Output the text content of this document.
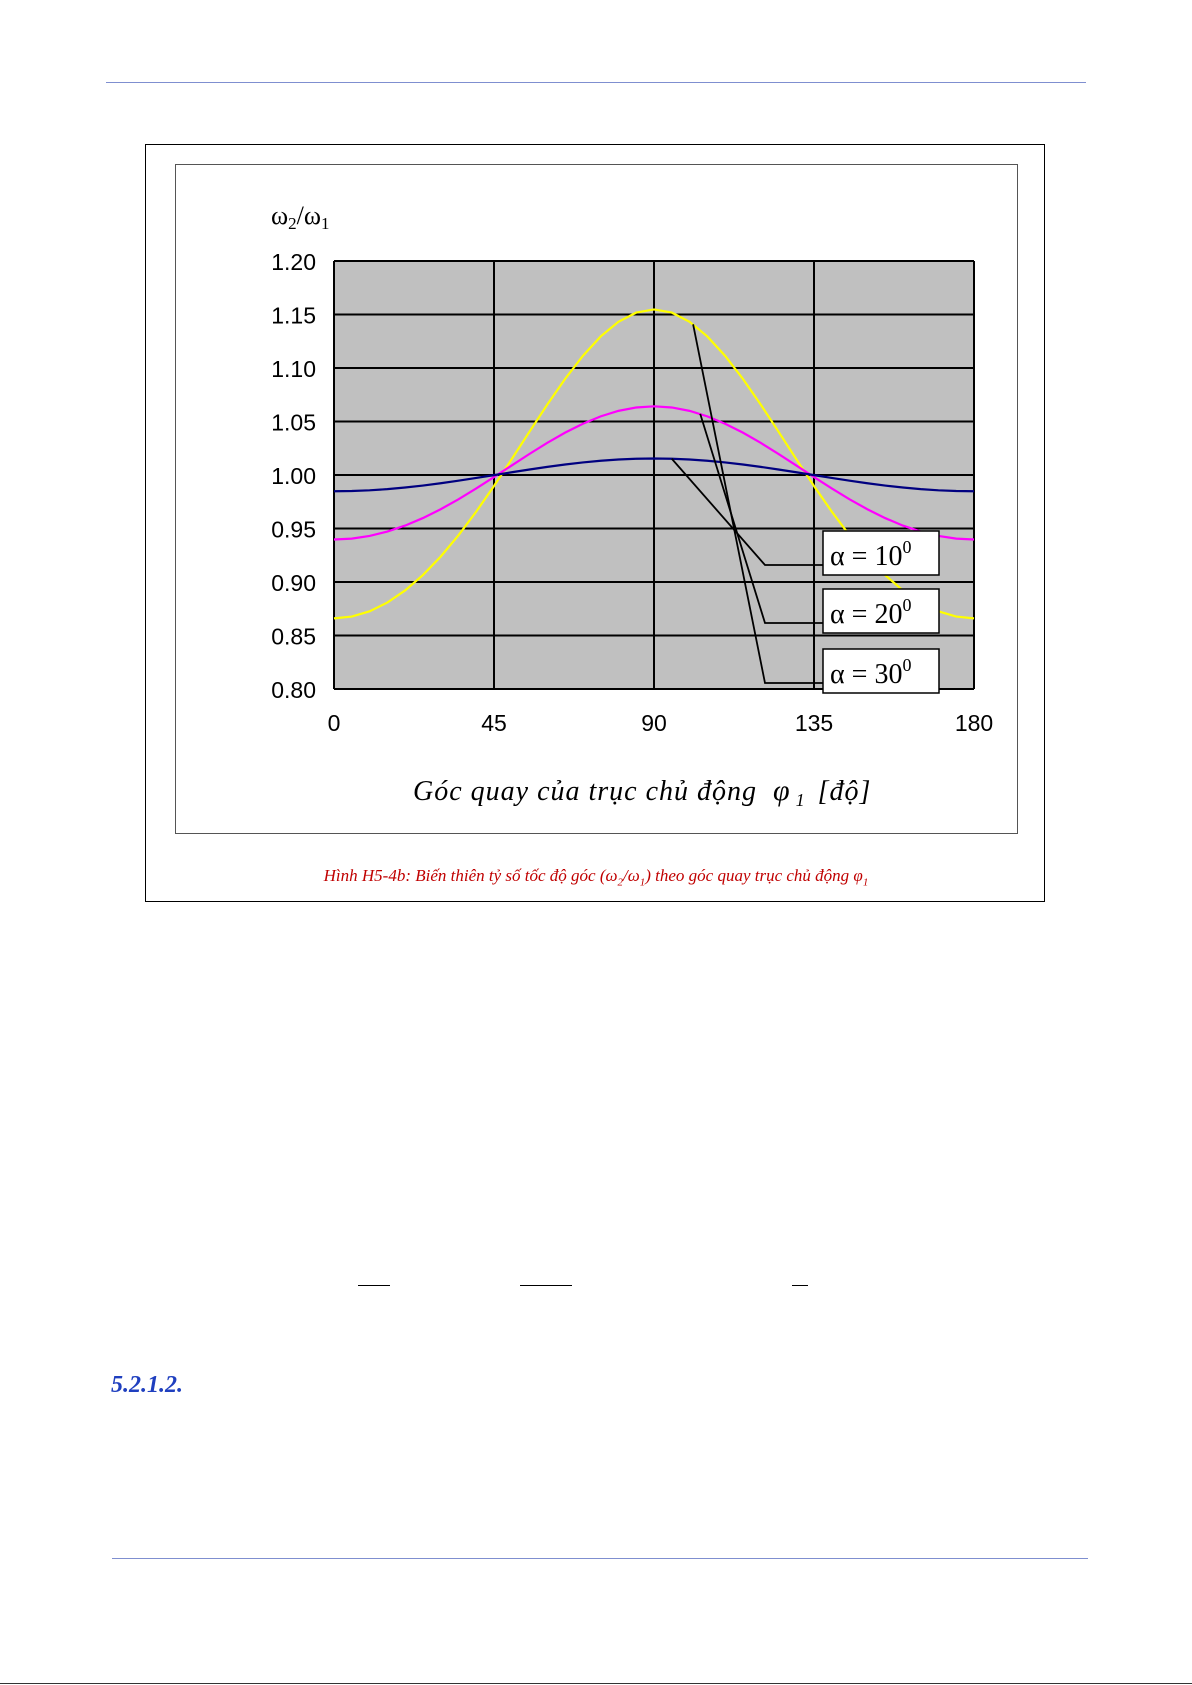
$\alpha = 10^0$
$\alpha = 20^0$
$\alpha = 30^0$
1.20
1.15
1.10
1.05
1.00
0.95
0.90
0.85
0.80
0	45	90	135	180
ω2/ω1
Góc quay của trục chủ động φ $_1$ [độ]
Hình H5-4b: Biến thiên tỷ số tốc độ góc $(\omega_2/\omega_1)$ theo góc quay trục chủ động $\varphi_1$
5.2.1.2.
